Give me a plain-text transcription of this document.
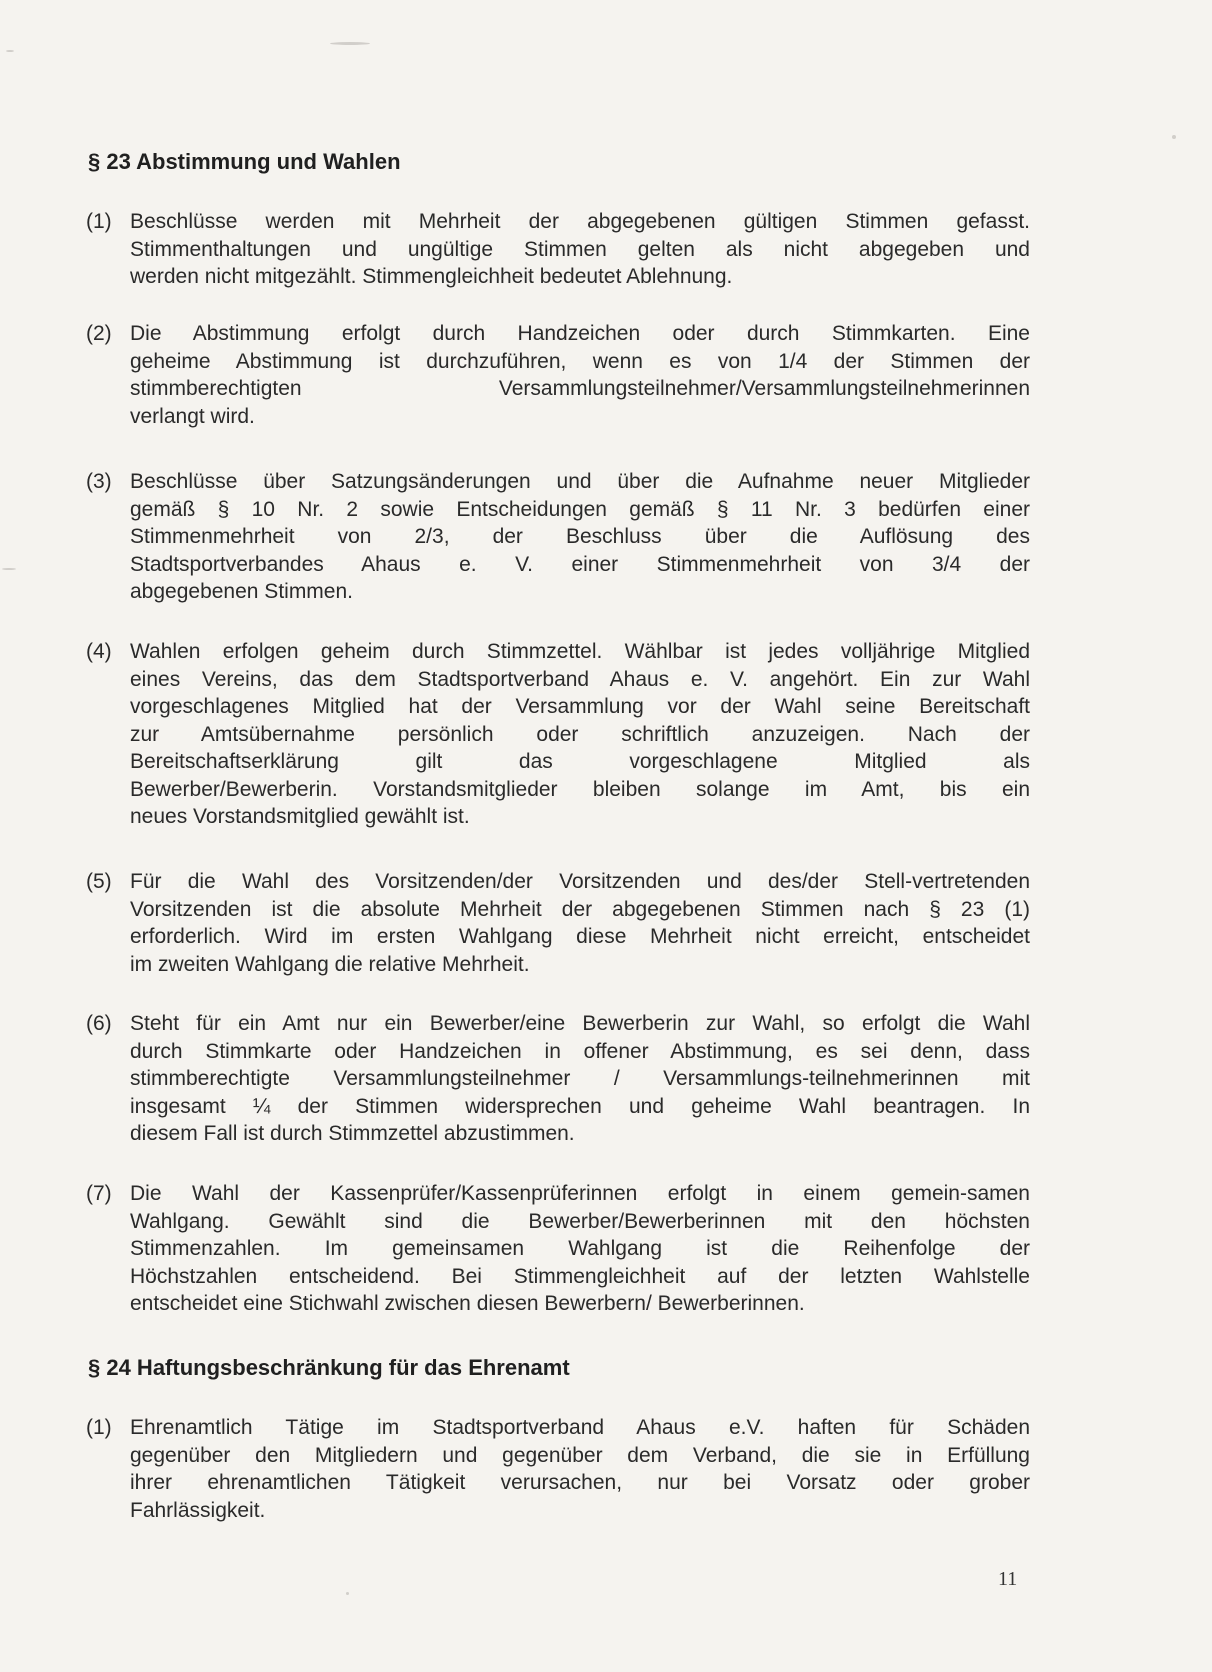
§ 23 Abstimmung und Wahlen
(1) Beschlüsse werden mit Mehrheit der abgegebenen gültigen Stimmen gefasst.
Stimmenthaltungen und ungültige Stimmen gelten als nicht abgegeben und
werden nicht mitgezählt. Stimmengleichheit bedeutet Ablehnung.
(2) Die Abstimmung erfolgt durch Handzeichen oder durch Stimmkarten. Eine
geheime Abstimmung ist durchzuführen, wenn es von 1/4 der Stimmen der
stimmberechtigten Versammlungsteilnehmer/Versammlungsteilnehmerinnen
verlangt wird.
(3) Beschlüsse über Satzungsänderungen und über die Aufnahme neuer Mitglieder
gemäß § 10 Nr. 2 sowie Entscheidungen gemäß § 11 Nr. 3 bedürfen einer
Stimmenmehrheit von 2/3, der Beschluss über die Auflösung des
Stadtsportverbandes Ahaus e. V. einer Stimmenmehrheit von 3/4 der
abgegebenen Stimmen.
(4) Wahlen erfolgen geheim durch Stimmzettel. Wählbar ist jedes volljährige Mitglied
eines Vereins, das dem Stadtsportverband Ahaus e. V. angehört. Ein zur Wahl
vorgeschlagenes Mitglied hat der Versammlung vor der Wahl seine Bereitschaft
zur Amtsübernahme persönlich oder schriftlich anzuzeigen. Nach der
Bereitschaftserklärung gilt das vorgeschlagene Mitglied als
Bewerber/Bewerberin. Vorstandsmitglieder bleiben solange im Amt, bis ein
neues Vorstandsmitglied gewählt ist.
(5) Für die Wahl des Vorsitzenden/der Vorsitzenden und des/der Stell-vertretenden
Vorsitzenden ist die absolute Mehrheit der abgegebenen Stimmen nach § 23 (1)
erforderlich. Wird im ersten Wahlgang diese Mehrheit nicht erreicht, entscheidet
im zweiten Wahlgang die relative Mehrheit.
(6) Steht für ein Amt nur ein Bewerber/eine Bewerberin zur Wahl, so erfolgt die Wahl
durch Stimmkarte oder Handzeichen in offener Abstimmung, es sei denn, dass
stimmberechtigte Versammlungsteilnehmer / Versammlungs-teilnehmerinnen mit
insgesamt ¼ der Stimmen widersprechen und geheime Wahl beantragen. In
diesem Fall ist durch Stimmzettel abzustimmen.
(7) Die Wahl der Kassenprüfer/Kassenprüferinnen erfolgt in einem gemein-samen
Wahlgang. Gewählt sind die Bewerber/Bewerberinnen mit den höchsten
Stimmenzahlen. Im gemeinsamen Wahlgang ist die Reihenfolge der
Höchstzahlen entscheidend. Bei Stimmengleichheit auf der letzten Wahlstelle
entscheidet eine Stichwahl zwischen diesen Bewerbern/ Bewerberinnen.
§ 24 Haftungsbeschränkung für das Ehrenamt
(1) Ehrenamtlich Tätige im Stadtsportverband Ahaus e.V. haften für Schäden
gegenüber den Mitgliedern und gegenüber dem Verband, die sie in Erfüllung
ihrer ehrenamtlichen Tätigkeit verursachen, nur bei Vorsatz oder grober
Fahrlässigkeit.
11
